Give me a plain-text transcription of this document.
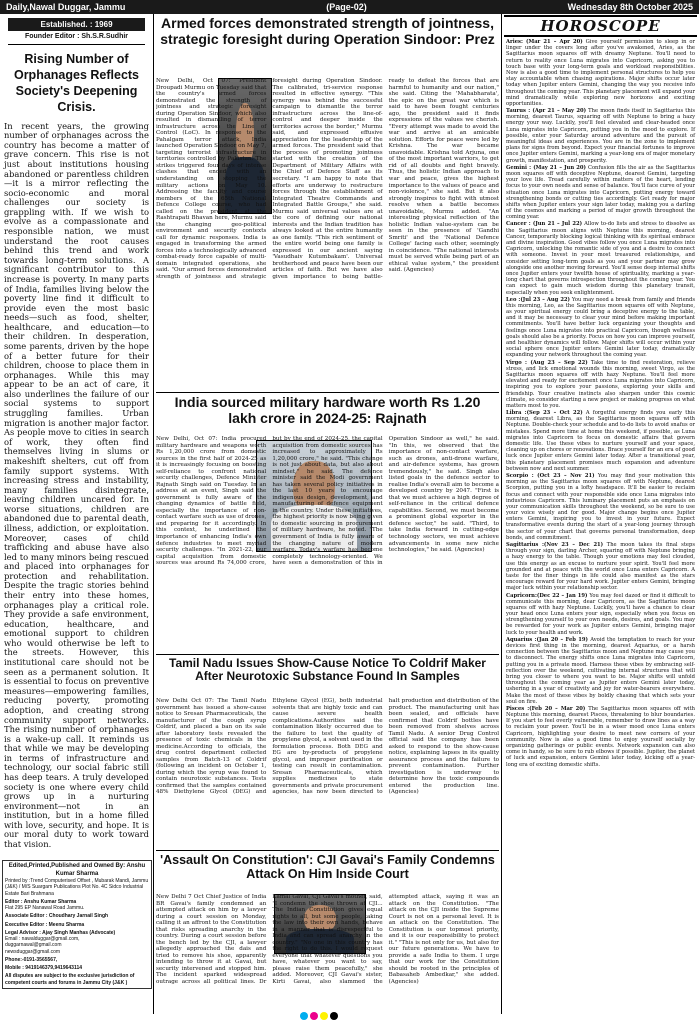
Daily,Nawal Duggar, Jammu	(Page-02)	Wednesday 8th October 2025
Established. : 1969
Founder Editor : Sh.S.R.Sudhir
Rising Number of Orphanages Reflects Society's Deepening Crisis.
In recent years, the growing number of orphanages across the country has become a matter of grave concern. This rise is not just about institutions housing abandoned or parentless children—it is a mirror reflecting the socio-economic and moral challenges our society is grappling with. If we wish to evolve as a compassionate and responsible nation, we must understand the root causes behind this trend and work towards long-term solutions. A significant contributor to this increase is poverty. In many parts of India, families living below the poverty line find it difficult to provide even the most basic needs—such as food, shelter, healthcare, and education—to their children. In desperation, some parents, driven by the hope of a better future for their children, choose to place them in orphanages. While this may appear to be an act of care, it also underlines the failure of our social systems to support struggling families. Urban migration is another major factor. As people move to cities in search of work, they often find themselves living in slums or makeshift shelters, cut off from family support systems. With increasing stress and instability, many families disintegrate, leaving children uncared for. In worse situations, children are abandoned due to parental death, illness, addiction, or exploitation. Moreover, cases of child trafficking and abuse have also led to many minors being rescued and placed into orphanages for protection and rehabilitation. Despite the tragic stories behind their entry into these homes, orphanages play a critical role. They provide a safe environment, education, healthcare, and emotional support to children who would otherwise be left to the streets. However, this institutional care should not be seen as a permanent solution. It is essential to focus on preventive measures—empowering families, reducing poverty, promoting adoption, and creating strong community support networks. The rising number of orphanages is a wake-up call. It reminds us that while we may be developing in terms of infrastructure and technology, our social fabric still has deep tears. A truly developed society is one where every child grows up in a nurturing environment—not in an institution, but in a home filled with love, security, and hope. It is our moral duty to work toward that vision.
Edited,Printed,Published and Owned By: Anshu Kumar Sharma
Printed by :Trend Computerised Offset , Mubarak Mandi, Jammu (J&K) / M/S Suargam Publications Plot No. 4C Sidco Industrial Estate Bari Brahmana
Editor : Anshu Kumar Sharma
Flat 295 EP Nanawal Road Jammu.
Associate Editor : Choudhary Jarnail Singh
Executive Editor : Meenu Sharma
Legal Advisor : Ajay Singh Manhas (Advocate)
Email : nawalduggar@gmail.com,
duggarnawal@gmail.com
newsduggar@gmail.com
Phone:-0191-3565567,
Mobile : 9419146379,9419643114
All disputes are subject to the exclusive jurisdiction of competent courts and forums in Jammu City (J&K )
Armed forces demonstrated strength of jointness, strategic foresight during Operation Sindoor: Prez
New Delhi, Oct 07: President Droupadi Murmu on Tuesday said that the country's armed forces demonstrated the strength of jointness and strategic foresight during Operation Sindoor, which also resulted in dismantling of terror infrastructure across the Line of Control (LoC). In response to the Pahalgam terror attack, India launched Operation Sindoor on May 7, targeting terrorist infrastructure in territories controlled by Pakistan. The strikes triggered four days of intense clashes that ended with an understanding on stopping the military actions on May 10. Addressing the faculty and course members of the 65th National Defence College course, who had called on the president at the Rashtrapati Bhavan here, Murmu said the changing geo-political environment and security contexts call for dynamic responses. India is engaged in transforming the armed forces into a technologically advanced combat-ready force capable of multi-domain integrated operations, she said. "Our armed forces demonstrated strength of jointness and strategic foresight during Operation Sindoor. The calibrated, tri-service response resulted in effective synergy. "This synergy was behind the successful campaign to dismantle the terror infrastructure across the line-of-control and deeper inside the territories across the border," Murmu said, and expressed effusive appreciation for the leadership of the armed forces. The president said that the process of promoting jointness started with the creation of the Department of Military Affairs with the Chief of Defence Staff as its secretary. "I am happy to note that efforts are underway to restructure forces through the establishment of Integrated Theatre Commands and Integrated Battle Groups," she said. Murmu said universal values are at the core of defining our national interests and the Indian tradition has always looked at the entire humanity as one family. "This rich sentiment of the entire world being one family is expressed in our ancient saying 'Vasudhaiv Kutumbakam'. Universal brotherhood and peace have been our articles of faith. But we have also given importance to being battle-ready to defeat the forces that are harmful to humanity and our nation," she said. Citing the 'Mahabharata', the epic on the great war which is said to have been fought centuries ago, the president said it finds expressions of the values we cherish. "Every attempt was made to avoid the war and arrive at an amicable solution. Efforts for peace were led by Krishna. The war became unavoidable. Krishna told Arjuna, one of the most important warriors, to get rid of all doubts and fight bravely. Thus, the holistic Indian approach to war and peace, gives the highest importance to the values of peace and non-violence," she said. But it also strongly inspires to fight with utmost resolve when a battle becomes unavoidable, Murmu added. "An interesting physical reflection of the holistic Indian value-system can be seen in the presence of 'Gandhi Smriti' and the 'National Defence College' facing each other, seemingly in coincidence. "The national interests must be served while being part of an ethical value system," the president said. (Agencies)
India sourced military hardware worth Rs 1.20 lakh crore in 2024-25: Rajnath
New Delhi, Oct 07: India procured military hardware and weapons worth Rs 1,20,000 crore from domestic sources in the first half of 2024-25 as it is increasingly focusing on boosting self-reliance to confront national security challenges, Defence Minister Rajnath Singh said on Tuesday. In an address at an event, Singh said the government is fully aware of the changing dynamics of battle field, especially the importance of non-contact warfare such as use of drones, and preparing for it accordingly. In this context, he underlined the importance of enhancing India's own defence industries to meet myriad security challenges. "In 2021-22, our capital acquisition from domestic sources was around Rs 74,000 crore, but by the end of 2024-25, the capital acquisition from domestic sources has increased to approximately Rs 1,20,000 crore," he said. "This change is not just about data, but also about mindset," he said. The defence minister said the Modi government has taken several policy initiatives in the last 10 years to encourage indigenous design, development, and manufacturing of defence equipment in the country. Under these initiatives, the highest priority is now being given to domestic sourcing in procurement of military hardware, he noted. "The government of India is fully aware of the changing nature of modern warfare. Today's warfare has become completely technology-oriented. We have seen a demonstration of this in Operation Sindoor as well," he said. "In this, we observed that the importance of non-contact warfare, such as drones, anti-drone warfare, and air-defence systems, has grown tremendously," he said. Singh also listed goals in the defence sector to realise India's overall aim to become a developed country by 2047. "First is that we must achieve a high degree of self-reliance in the critical defence capabilities. Second, we must become a prominent global exporter in the defence sector," he said. "Third, to take India forward in cutting-edge technology sectors, we must achieve advancements in some new niche technologies," he said. (Agencies)
Tamil Nadu Issues Show-Cause Notice To Coldrif Maker After Neurotoxic Substance Found In Samples
New Delhi Oct 07: The Tamil Nadu government has issued a show-cause notice to Sresan Pharmaceuticals, the manufacturer of the cough syrup Coldrif, and placed a ban on its sale after laboratory tests revealed the presence of toxic chemicals in the medicine.According to officials, the drug control department collected samples from Batch-13 of Coldrif (following an incident on October 1, during which the syrup was found to contain neurotoxic substances. Tests confirmed that the samples contained 48% Diethylene Glycol (DEG) and Ethylene Glycol (EG), both industrial solvents that are highly toxic and can cause severe health complications.Authorities said the contamination likely occurred due to the failure to test the quality of propylene glycol, a solvent used in the formulation process. Both DEG and EG are by-products of propylene glycol, and improper purification or testing can result in contamination. Sresan Pharmaceuticals, which supplies medicines to state governments and private procurement agencies, has now been directed to halt production and distribution of the product. The manufacturing unit has been sealed, and officials have confirmed that Coldrif bottles have been removed from shelves across Tamil Nadu. A senior Drug Control official said the company has been asked to respond to the show-cause notice, explaining lapses in its quality assurance process and the failure to prevent contamination. Further investigation is underway to determine how the toxic compounds entered the production line. (Agencies)
'Assault On Constitution': CJI Gavai's Family Condemns Attack On Him Inside Court
New Delhi 7 Oct Chief Justice of India BR Gavai's family condemned an attempted attack on him by a lawyer during a court session on Monday, calling it an affront to the Constitution that risks spreading anarchy in the country. During a court session before the bench led by the CJI, a lawyer allegedly approached the dais and tried to remove his shoe, apparently intending to throw it at Gavai, but security intervened and stopped him. The incident sparked widespread outrage across all political lines. Dr Kamal Gavai, CJI Gavai's mother, said, "I condemn the shoe thrown at CJI... The Indian Constitution gives equal rights to all, but some people, taking the law into their own hands, behave in a manner that is disrespectful to India and can spread anarchy in the country." "No one in this country has the right to do this. I would request everyone that whatever questions you have, whatever you want to say, please raise them peacefully," she added. Moreover, CJI Gavai's sister, Kirti Gavai, also slammed the attempted attack, saying it was an attack on the Constitution. "The attack on the CJI inside the Supreme Court is not on a personal level. It is an attack on the Constitution. The Constitution is our topmost priority, and it is our responsibility to protect it." "This is not only for us, but also for our future generations. We have to provide a safe India to them. I urge that our work for the Constitution should be rooted in the principles of Babasaheb Ambedkar," she added. (Agencies)
HOROSCOPE

Aries: (Mar 21 – Apr 20) Give yourself permission to sleep in or linger under the covers long after you've awakened, Aries, as the Sagittarius moon squares off with dreamy Neptune. You'll need to return to reality once Luna migrates into Capricorn, asking you to touch base with your long-term goals and workload responsibilities. Now is also a good time to implement personal structures to help you stay accountable when chasing aspirations. Major shifts occur later today when Jupiter enters Gemini, changing the way you receive info throughout the coming year. This planetary placement will expand your mind dramatically while exploring new horizons and exciting opportunities.

Taurus : (Apr 21 – May 20) The moon finds itself in Sagittarius this morning, dearest Taurus, squaring off with Neptune to bring a hazy energy your way. Luckily, you'll feel elevated and clear-headed once Luna migrates into Capricorn, putting you in the mood to explore. If possible, enter your Saturday around adventure and the pursuit of meaningful ideas and experiences. You are in the zone to implement plans for signs from beyond. Expect your financial fortunes to improve once Jupiter enters Gemini, marking a year-long era of major monetary growth, manifestation, and prosperity.

Gemini : (May 21 – Jun 20) Confusion fills the air as the Sagittarius moon squares off with deceptive Neptune, dearest Gemini, targeting your love life. Tread carefully within matters of the heart, lending focus to your own needs and sense of balance. You'll face curve of your situation once Luna migrates into Capricorn, putting energy toward strengthening bonds or cutting ties accordingly. Get ready for major shifts when Jupiter enters your sign later today, making you a darling of the cosmos and marking a period of major growth throughout the coming year.

Cancer : (Jun 21 – Jul 22) Allow to-do lists and stress to dissolve as the Sagittarius moon aligns with Neptune this morning, dearest Cancer, temporarily blocking logical thinking with its spiritual embrace and divine inspiration. Good vibes follow you once Luna migrates into Capricorn, unlocking the romantic side of you and a desire to connect with someone. Invest in your most treasured relationships, and consider setting long-term goals as you and your partner may grow alongside one another moving forward. You'll sense deep internal shifts once Jupiter enters your twelfth house of spirituality, marking a year-long chart that governs introspection throughout the coming year. You can expect to gain much wisdom during this planetary transit, especially when you seek enlightenment.

Leo :(Jul 23 – Aug 22) You may need a break from family and friends this morning, Leo, as the Sagittarius moon squares off with Neptune, as your spiritual energy could bring a deceptive energy to the table, and it may be necessary to clear your mind before making important commitments. You'll have better luck organizing your thoughts and feelings once Luna migrates into practical Capricorn, though wellness goals should also be a priority. Focus on how you can improve yourself, and healthier dynamics will follow. Major shifts will occur within your social sphere once Jupiter enters Gemini later today, dramatically expanding your network throughout the coming year.

Virgo : (Aug 23 – Sep 22) Take time to find restoration, relieve stress, and lick emotional wounds this morning, sweet Virgo, as the Sagittarius moon squares off with hazy Neptune. You'll feel more elevated and ready for excitement once Luna migrates into Capricorn, inspiring you to explore your passions, exploring your skills and friendship. Your creative instincts also sharpen under this cosmic climate, so consider starting a new project or making progress on what matters most to you.

Libra :(Sep 23 – Oct 22) A forgetful energy finds you early this morning, dearest Libra, as the Sagittarius moon squares off with Neptune. Double-check your schedule and to-do lists to avoid snafus or mistakes. Spend more time at home this weekend, if possible, as Luna migrates into Capricorn to focus on domestic affairs that govern domestic life. Use these vibes to nurture yourself and your space, cleaning up on chores or renovations. Brace yourself for an era of good luck once Jupiter enters Gemini later today. After a transitional year, this planetary placement promises much expansion and adventure between now and next summer.

Scorpio : (Oct 23 – Nov 21) You may find your motivation this morning as the Sagittarius moon squares off with Neptune, dearest Scorpion, putting you in a lofty headspace. It'll be easier to reclaim focus and connect with your responsible side once Luna migrates into industrious Capricorn. This luminary placement puts an emphasis on your communication skills throughout the weekend, so be sure to use your voice wisely and for good. Major change begins once Jupiter enters Gemini, inspiring you to invest in your future. Expect transformative events during the start of a year-long journey through the sector of your chart that governs personal transformation, deep bonds, and commitment.

Sagittarius :(Nov 23 – Dec 21) The moon takes its final steps through your sign, darling Archer, squaring off with Neptune bringing a hazy energy to the table. Though your emotions may feel clouded, use this energy as an excuse to nurture your spirit. You'll feel more grounded and at peace with the world once Luna enters Capricorn. A taste for the finer things in life could also manifest as the stars encourage reward for your hard work. Jupiter enters Gemini, bringing major luck within your relationship sector.

Capricorn:(Dec 22 – Jan 19) You may feel dazed or find it difficult to communicate this morning, dear Capricorn, as the Sagittarius moon squares off with hazy Neptune. Luckily, you'll have a chance to clear your head once Luna enters your sign, especially when you focus on strengthening yourself to your own needs, desires, and goals. You may be rewarded for your work as Jupiter enters Gemini, bringing major luck to your health and work.

Aquarius :(Jan 20 – Feb 19) Avoid the temptation to reach for your devices first thing in the morning, dearest Aquarius, or a harsh connection between the Sagittarius moon and Neptune may cause you to disconnect. The energy shifts once Luna migrates into Capricorn, putting you in a private mood. Harness these vibes by embracing self-reflection over the weekend, cultivating internal structures that will bring you closer to where you want to be. Major shifts will unfold throughout the coming year as Jupiter enters Gemini later today, ushering in a year of creativity and joy for water-bearers everywhere. Make the most of these vibes by boldly chasing that which sets your soul on fire.

Pisces :(Feb 20 – Mar 20) The Sagittarius moon squares off with Neptune this morning, dearest Pisces, threatening to blur boundaries. If you start to feel overly vulnerable, remember to draw lines as a way to reclaim your power. You'll be in a wiser mood once Luna enters Capricorn, highlighting your desire to meet new corners of your community. Now is also a good time to enjoy yourself socially by organizing gatherings or public events. Network expansion can also come in handy, so be sure to rub elbows if possible. Jupiter, the planet of luck and expansion, enters Gemini later today, kicking off a year-long era of exciting domestic shifts.
